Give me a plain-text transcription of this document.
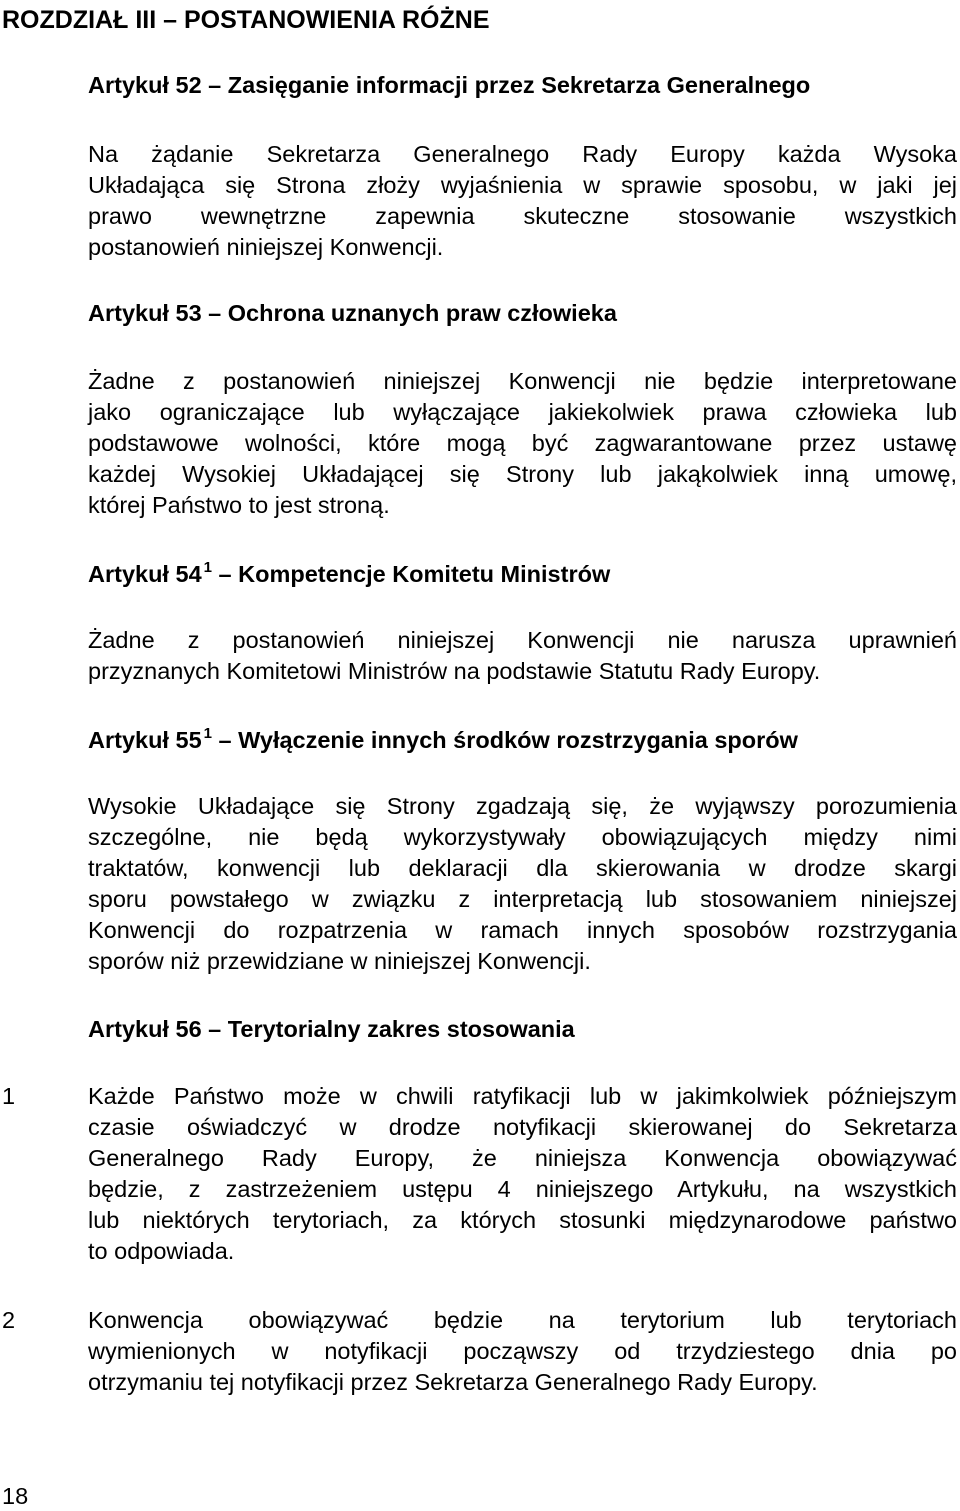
ROZDZIAŁ III – POSTANOWIENIA RÓŻNE
Artykuł 52 – Zasięganie informacji przez Sekretarza Generalnego
Na żądanie Sekretarza Generalnego Rady Europy każda Wysoka
Układająca się Strona złoży wyjaśnienia w sprawie sposobu, w jaki jej
prawo wewnętrzne zapewnia skuteczne stosowanie wszystkich
postanowień niniejszej Konwencji.
Artykuł 53 – Ochrona uznanych praw człowieka
Żadne z postanowień niniejszej Konwencji nie będzie interpretowane
jako ograniczające lub wyłączające jakiekolwiek prawa człowieka lub
podstawowe wolności, które mogą być zagwarantowane przez ustawę
każdej Wysokiej Układającej się Strony lub jakąkolwiek inną umowę,
której Państwo to jest stroną.
Artykuł 54 $^1$ – Kompetencje Komitetu Ministrów
Żadne z postanowień niniejszej Konwencji nie narusza uprawnień
przyznanych Komitetowi Ministrów na podstawie Statutu Rady Europy.
Artykuł 55 $^1$ – Wyłączenie innych środków rozstrzygania sporów
Wysokie Układające się Strony zgadzają się, że wyjąwszy porozumienia
szczególne, nie będą wykorzystywały obowiązujących między nimi
traktatów, konwencji lub deklaracji dla skierowania w drodze skargi
sporu powstałego w związku z interpretacją lub stosowaniem niniejszej
Konwencji do rozpatrzenia w ramach innych sposobów rozstrzygania
sporów niż przewidziane w niniejszej Konwencji.
Artykuł 56 – Terytorialny zakres stosowania
1	Każde Państwo może w chwili ratyfikacji lub w jakimkolwiek późniejszym
czasie oświadczyć w drodze notyfikacji skierowanej do Sekretarza
Generalnego Rady Europy, że niniejsza Konwencja obowiązywać
będzie, z zastrzeżeniem ustępu 4 niniejszego Artykułu, na wszystkich
lub niektórych terytoriach, za których stosunki międzynarodowe państwo
to odpowiada.
2	Konwencja obowiązywać będzie na terytorium lub terytoriach
wymienionych w notyfikacji począwszy od trzydziestego dnia po
otrzymaniu tej notyfikacji przez Sekretarza Generalnego Rady Europy.
18
